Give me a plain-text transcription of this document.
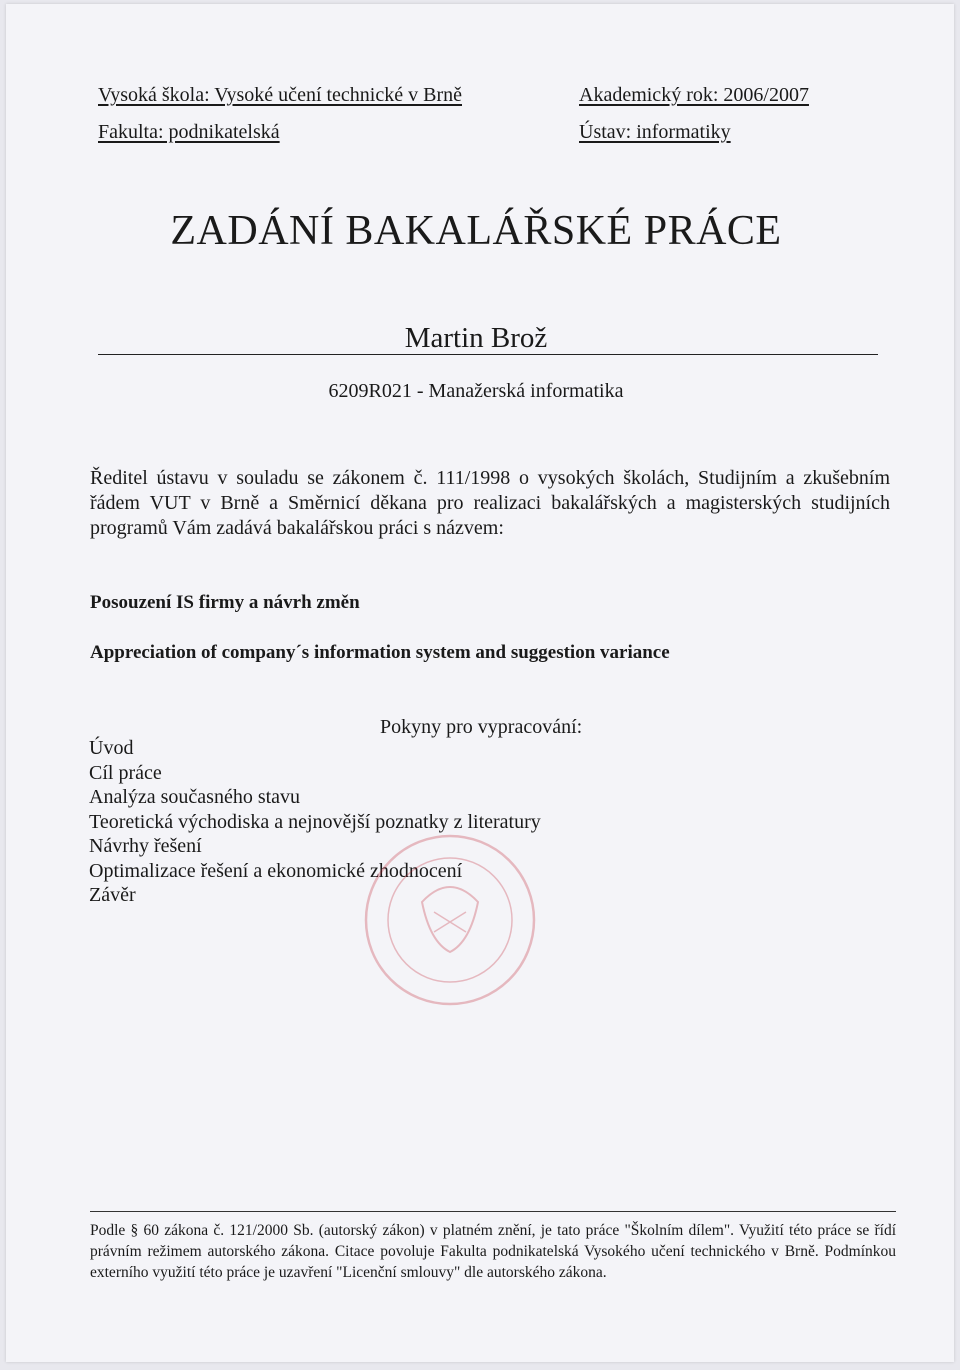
Vysoká škola: Vysoké učení technické v Brně
Fakulta: podnikatelská
Akademický rok: 2006/2007
Ústav: informatiky
ZADÁNÍ BAKALÁŘSKÉ PRÁCE
Martin Brož
6209R021 - Manažerská informatika
Ředitel ústavu v souladu se zákonem č. 111/1998 o vysokých školách, Studijním a zkušebním řádem VUT v Brně a Směrnicí děkana pro realizaci bakalářských a magisterských studijních programů Vám zadává bakalářskou práci s názvem:
Posouzení IS firmy a návrh změn
Appreciation of company´s information system and suggestion variance
Pokyny pro vypracování:
Úvod
Cíl práce
Analýza současného stavu
Teoretická východiska a nejnovější poznatky z literatury
Návrhy řešení
Optimalizace řešení a ekonomické zhodnocení
Závěr
Podle § 60 zákona č. 121/2000 Sb. (autorský zákon) v platném znění, je tato práce "Školním dílem". Využití této práce se řídí právním režimem autorského zákona. Citace povoluje Fakulta podnikatelská Vysokého učení technického v Brně. Podmínkou externího využití této práce je uzavření "Licenční smlouvy" dle autorského zákona.
